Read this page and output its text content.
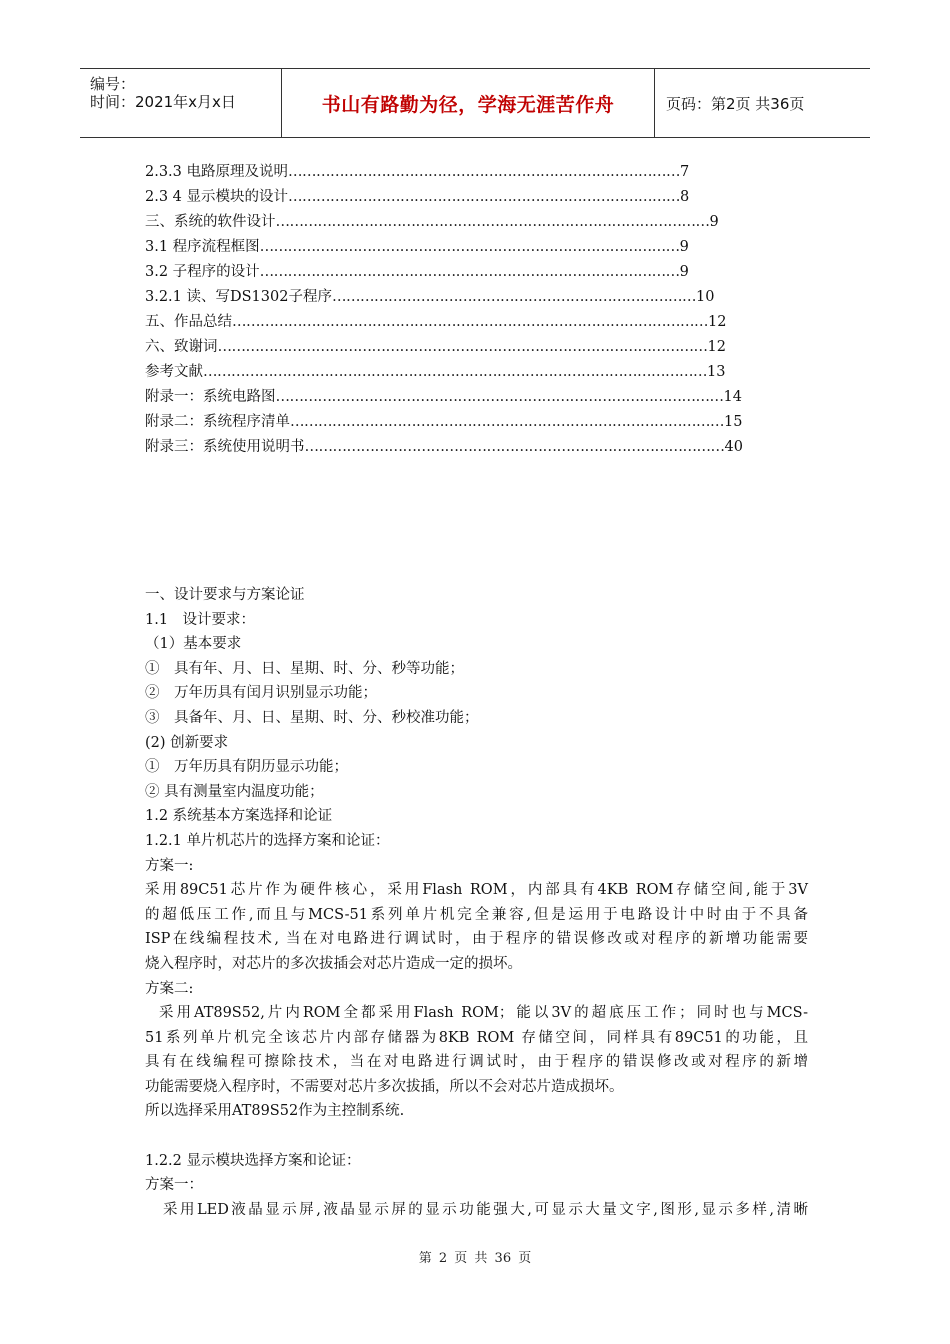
编号：
时间：2021年x月x日	书山有路勤为径，学海无涯苦作舟	页码：第2页 共36页
2.3.3 电路原理及说明 ………………………………………………………………………… 7
2.3 4 显示模块的设计 ………………………………………………………………………… 8
三、系统的软件设计 ………………………………………………………………………………… 9
3.1 程序流程框图 ……………………………………………………………………………… 9
3.2 子程序的设计 ……………………………………………………………………………… 9
3.2.1 读、写DS1302子程序 …………………………………………………………………… 10
五、作品总结 ………………………………………………………………………………………… 12
六、致谢词 …………………………………………………………………………………………… 12
参考文献 ……………………………………………………………………………………………… 13
附录一：系统电路图 …………………………………………………………………………………… 14
附录二：系统程序清单 ………………………………………………………………………………… 15
附录三：系统使用说明书 ……………………………………………………………………………… 40
一、设计要求与方案论证
1.1　设计要求：
（1）基本要求
①　具有年、月、日、星期、时、分、秒等功能；
②　万年历具有闰月识别显示功能；
③　具备年、月、日、星期、时、分、秒校准功能；
(2) 创新要求
①　万年历具有阴历显示功能；
② 具有测量室内温度功能；
1.2 系统基本方案选择和论证
1.2.1 单片机芯片的选择方案和论证：
方案一:
采用89C51芯片作为硬件核心，采用Flash ROM，内部具有4KB ROM存储空间,能于3V
的超低压工作,而且与MCS-51系列单片机完全兼容,但是运用于电路设计中时由于不具备
ISP在线编程技术, 当在对电路进行调试时，由于程序的错误修改或对程序的新增功能需要
烧入程序时，对芯片的多次拔插会对芯片造成一定的损坏。
方案二:
采用AT89S52,片内ROM全都采用Flash ROM；能以3V的超底压工作；同时也与MCS-
51系列单片机完全该芯片内部存储器为8KB ROM 存储空间，同样具有89C51的功能，且
具有在线编程可擦除技术，当在对电路进行调试时，由于程序的错误修改或对程序的新增
功能需要烧入程序时，不需要对芯片多次拔插，所以不会对芯片造成损坏。
所以选择采用AT89S52作为主控制系统.
1.2.2 显示模块选择方案和论证：
方案一：
采用LED液晶显示屏,液晶显示屏的显示功能强大,可显示大量文字,图形,显示多样,清晰
第 2 页 共 36 页
